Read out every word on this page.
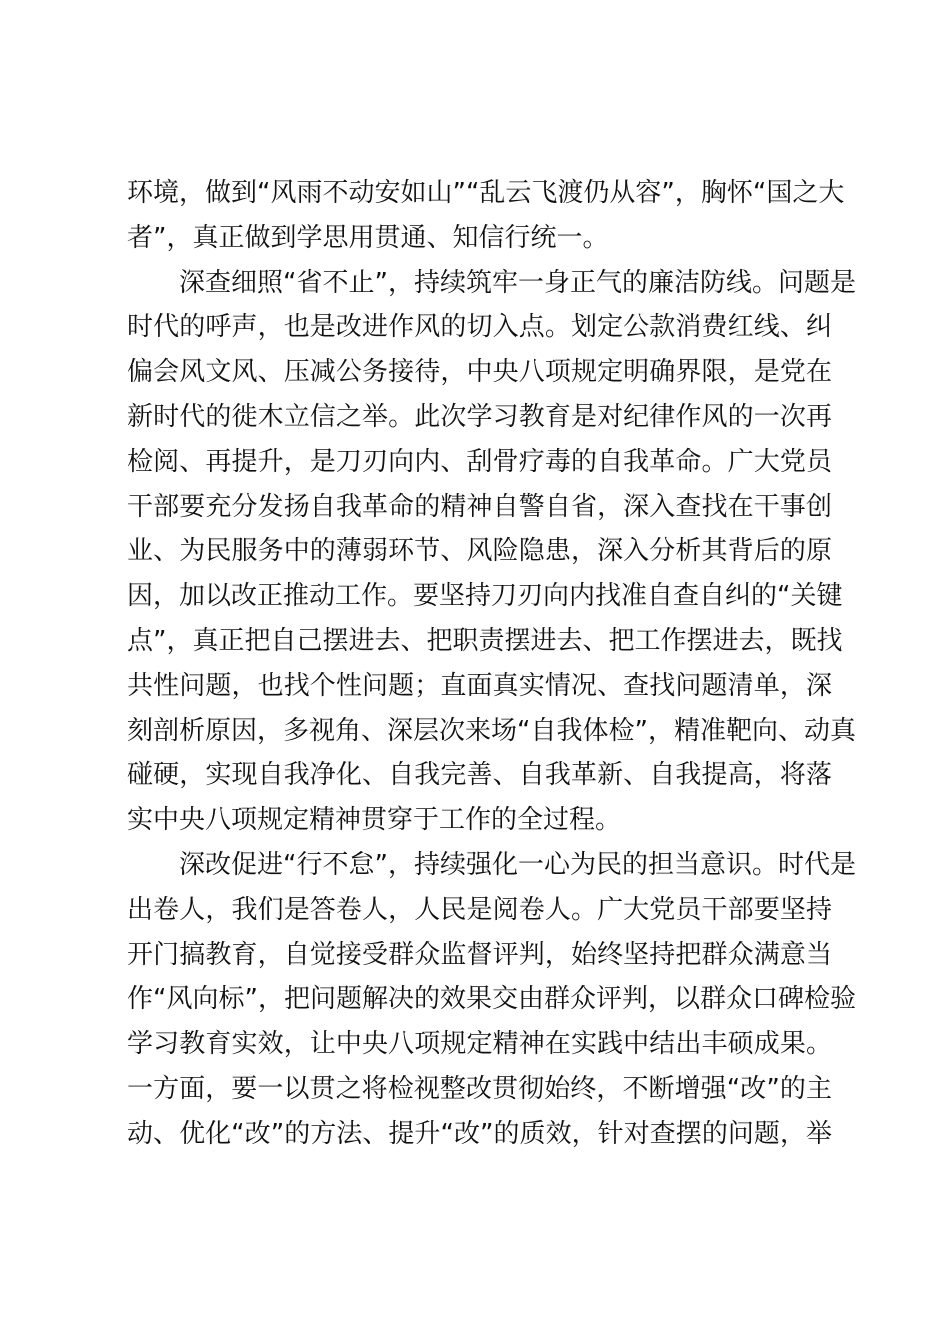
环境，做到“风雨不动安如山”“乱云飞渡仍从容”，胸怀“国之大
者”，真正做到学思用贯通、知信行统一。
深查细照“省不止”，持续筑牢一身正气的廉洁防线。问题是
时代的呼声，也是改进作风的切入点。划定公款消费红线、纠
偏会风文风、压减公务接待，中央八项规定明确界限，是党在
新时代的徙木立信之举。此次学习教育是对纪律作风的一次再
检阅、再提升，是刀刃向内、刮骨疗毒的自我革命。广大党员
干部要充分发扬自我革命的精神自警自省，深入查找在干事创
业、为民服务中的薄弱环节、风险隐患，深入分析其背后的原
因，加以改正推动工作。要坚持刀刃向内找准自查自纠的“关键
点”，真正把自己摆进去、把职责摆进去、把工作摆进去，既找
共性问题，也找个性问题；直面真实情况、查找问题清单，深
刻剖析原因，多视角、深层次来场“自我体检”，精准靶向、动真
碰硬，实现自我净化、自我完善、自我革新、自我提高，将落
实中央八项规定精神贯穿于工作的全过程。
深改促进“行不怠”，持续强化一心为民的担当意识。时代是
出卷人，我们是答卷人，人民是阅卷人。广大党员干部要坚持
开门搞教育，自觉接受群众监督评判，始终坚持把群众满意当
作“风向标”，把问题解决的效果交由群众评判，以群众口碑检验
学习教育实效，让中央八项规定精神在实践中结出丰硕成果。
一方面，要一以贯之将检视整改贯彻始终，不断增强“改”的主
动、优化“改”的方法、提升“改”的质效，针对查摆的问题，举
